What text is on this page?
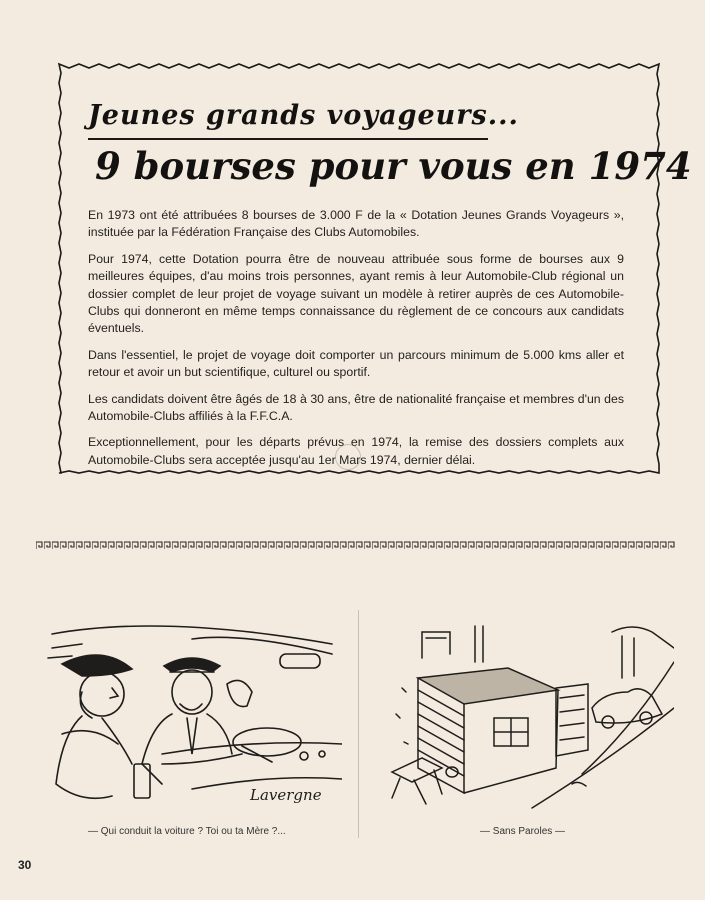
Jeunes grands voyageurs...
9 bourses pour vous en 1974

En 1973 ont été attribuées 8 bourses de 3.000 F de la « Dotation Jeunes Grands Voyageurs », instituée par la Fédération Française des Clubs Automobiles.

Pour 1974, cette Dotation pourra être de nouveau attribuée sous forme de bourses aux 9 meilleures équipes, d'au moins trois personnes, ayant remis à leur Automobile-Club régional un dossier complet de leur projet de voyage suivant un modèle à retirer auprès de ces Automobile-Clubs qui donneront en même temps connaissance du règlement de ce concours aux candidats éventuels.

Dans l'essentiel, le projet de voyage doit comporter un parcours minimum de 5.000 kms aller et retour et avoir un but scientifique, culturel ou sportif.

Les candidats doivent être âgés de 18 à 30 ans, être de nationalité française et membres d'un des Automobile-Clubs affiliés à la F.F.C.A.

Exceptionnellement, pour les départs prévus en 1974, la remise des dossiers complets aux Automobile-Clubs sera acceptée jusqu'au 1er Mars 1974, dernier délai.

Lavergne
— Qui conduit la voiture ? Toi ou ta Mère ?...	— Sans Paroles —
30
